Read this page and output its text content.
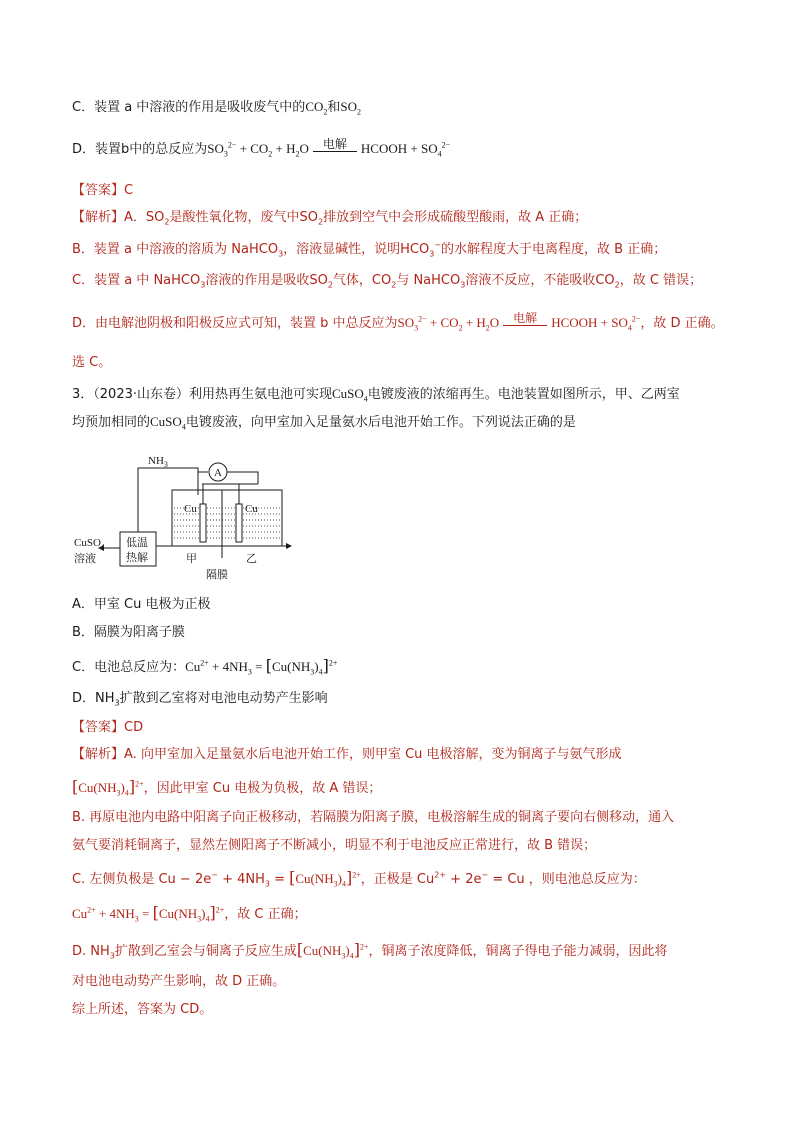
C．装置 a 中溶液的作用是吸收废气中的$CO_2$和$SO_2$
D．装置b中的总反应为$SO_3^{2-} + CO_2 + H_2O$	电解	HCOOH + $SO_4^{2-}$
【答案】C
【解析】A．$SO_2$是酸性氧化物，废气中$SO_2$排放到空气中会形成硫酸型酸雨，故 A 正确；
B．装置 a 中溶液的溶质为 NaHCO$_3$，溶液显碱性，说明$HCO_3^-$的水解程度大于电离程度，故 B 正确；
C．装置 a 中 NaHCO$_3$溶液的作用是吸收$SO_2$气体，$CO_2$与 NaHCO$_3$溶液不反应，不能吸收$CO_2$，故 C 错误；
D．由电解池阴极和阳极反应式可知，装置 b 中总反应为$SO_3^{2-} + CO_2 + H_2O$	电解	HCOOH + $SO_4^{2-}$，故 D 正确。
选 C。
3．（2023·山东卷）利用热再生氨电池可实现CuSO$_4$电镀废液的浓缩再生。电池装置如图所示，甲、乙两室
均预加相同的CuSO$_4$电镀废液，向甲室加入足量氨水后电池开始工作。下列说法正确的是
$NH_3$
A
Cu	Cu
低温
热解
CuSO$_4$
溶液	甲	乙
隔膜
A．甲室 Cu 电极为正极
B．隔膜为阳离子膜
C．电池总反应为：$Cu^{2+} + 4NH_3 = [Cu(NH_3)_4]^{2+}$
D．$NH_3$扩散到乙室将对电池电动势产生影响
【答案】CD
【解析】A. 向甲室加入足量氨水后电池开始工作，则甲室 Cu 电极溶解，变为铜离子与氨气形成
$[Cu(NH_3)_4]^{2+}$，因此甲室 Cu 电极为负极，故 A 错误；
B. 再原电池内电路中阳离子向正极移动，若隔膜为阳离子膜，电极溶解生成的铜离子要向右侧移动，通入
氨气要消耗铜离子，显然左侧阳离子不断减小，明显不利于电池反应正常进行，故 B 错误；
C. 左侧负极是 $Cu - 2e^- + 4NH_3 = [Cu(NH_3)_4]^{2+}$，正极是 $Cu^{2+} + 2e^- = Cu$ ，则电池总反应为：
$Cu^{2+} + 4NH_3 = [Cu(NH_3)_4]^{2+}$，故 C 正确；
D. $NH_3$扩散到乙室会与铜离子反应生成$[Cu(NH_3)_4]^{2+}$，铜离子浓度降低，铜离子得电子能力减弱，因此将
对电池电动势产生影响，故 D 正确。
综上所述，答案为 CD。
